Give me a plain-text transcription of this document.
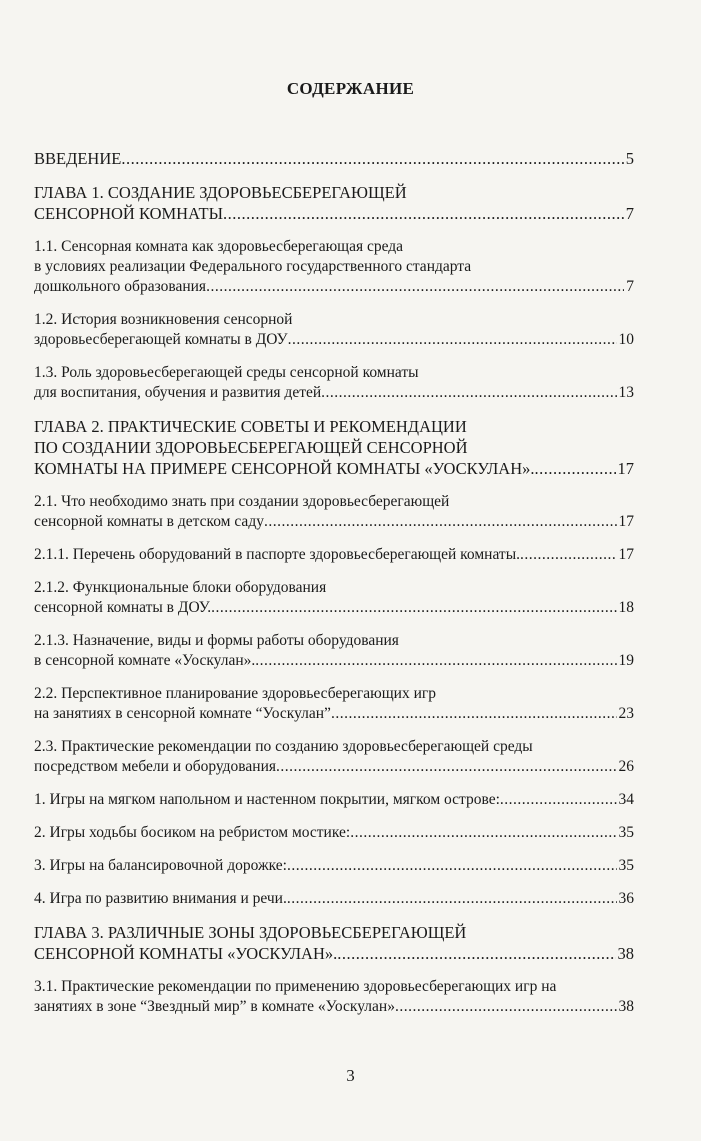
СОДЕРЖАНИЕ
ВВЕДЕНИЕ .....	5
ГЛАВА 1. СОЗДАНИЕ ЗДОРОВЬЕСБЕРЕГАЮЩЕЙ
СЕНСОРНОЙ КОМНАТЫ .....	7
1.1. Сенсорная комната как здоровьесберегающая среда
в условиях реализации Федерального государственного стандарта
дошкольного образования .....	7
1.2. История возникновения сенсорной
здоровьесберегающей комнаты в ДОУ .....	10
1.3. Роль здоровьесберегающей среды сенсорной комнаты
для воспитания, обучения и развития детей .....	13
ГЛАВА 2. ПРАКТИЧЕСКИЕ СОВЕТЫ И РЕКОМЕНДАЦИИ
ПО СОЗДАНИИ ЗДОРОВЬЕСБЕРЕГАЮЩЕЙ СЕНСОРНОЙ
КОМНАТЫ НА ПРИМЕРЕ СЕНСОРНОЙ КОМНАТЫ «УОСКУЛАН». .....	17
2.1. Что необходимо знать при создании здоровьесберегающей
сенсорной комнаты в детском саду .....	17
2.1.1. Перечень оборудований в паспорте здоровьесберегающей комнаты. .....	17
2.1.2. Функциональные блоки оборудования
сенсорной комнаты в ДОУ. .....	18
2.1.3. Назначение, виды и формы работы оборудования
в сенсорной комнате «Уоскулан». .....	19
2.2. Перспективное планирование здоровьесберегающих игр
на занятиях в сенсорной комнате “Уоскулан” .....	23
2.3. Практические рекомендации по созданию здоровьесберегающей среды
посредством мебели и оборудования .....	26
1. Игры на мягком напольном и настенном покрытии, мягком острове: .....	34
2. Игры ходьбы босиком на ребристом мостике: .....	35
3. Игры на балансировочной дорожке: .....	35
4. Игра по развитию внимания и речи. .....	36
ГЛАВА 3. РАЗЛИЧНЫЕ ЗОНЫ ЗДОРОВЬЕСБЕРЕГАЮЩЕЙ
СЕНСОРНОЙ КОМНАТЫ «УОСКУЛАН». .....	38
3.1. Практические рекомендации по применению здоровьесберегающих игр на
занятиях в зоне “Звездный мир” в комнате «Уоскулан» .....	38
3
